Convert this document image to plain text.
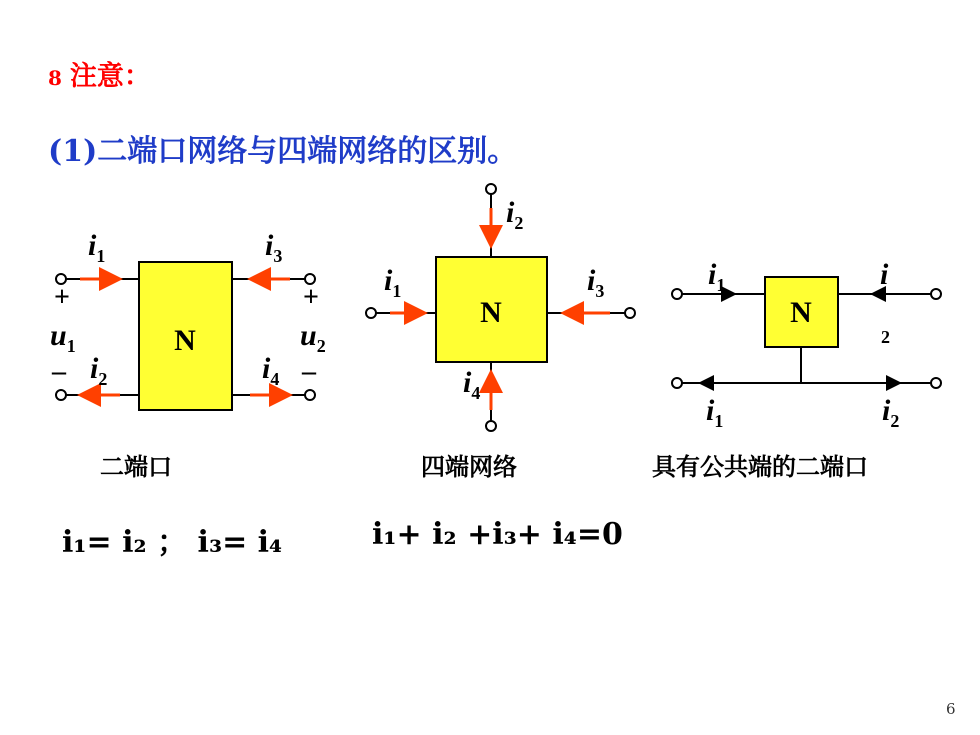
8 注意：
(1)二端口网络与四端网络的区别。
N
$i_1$	$i_3$
$i_2$	$i_4$
$u_1$	$u_2$
+
–
+
–
N
$i_1$
$i_2$
$i_3$
$i_4$
N
$i_1$	i
2
$i_1$	$i_2$
二端口	四端网络	具有公共端的二端口
i₁= i₂ ； i₃= i₄	i₁+ i₂ +i₃+ i₄=0
6
